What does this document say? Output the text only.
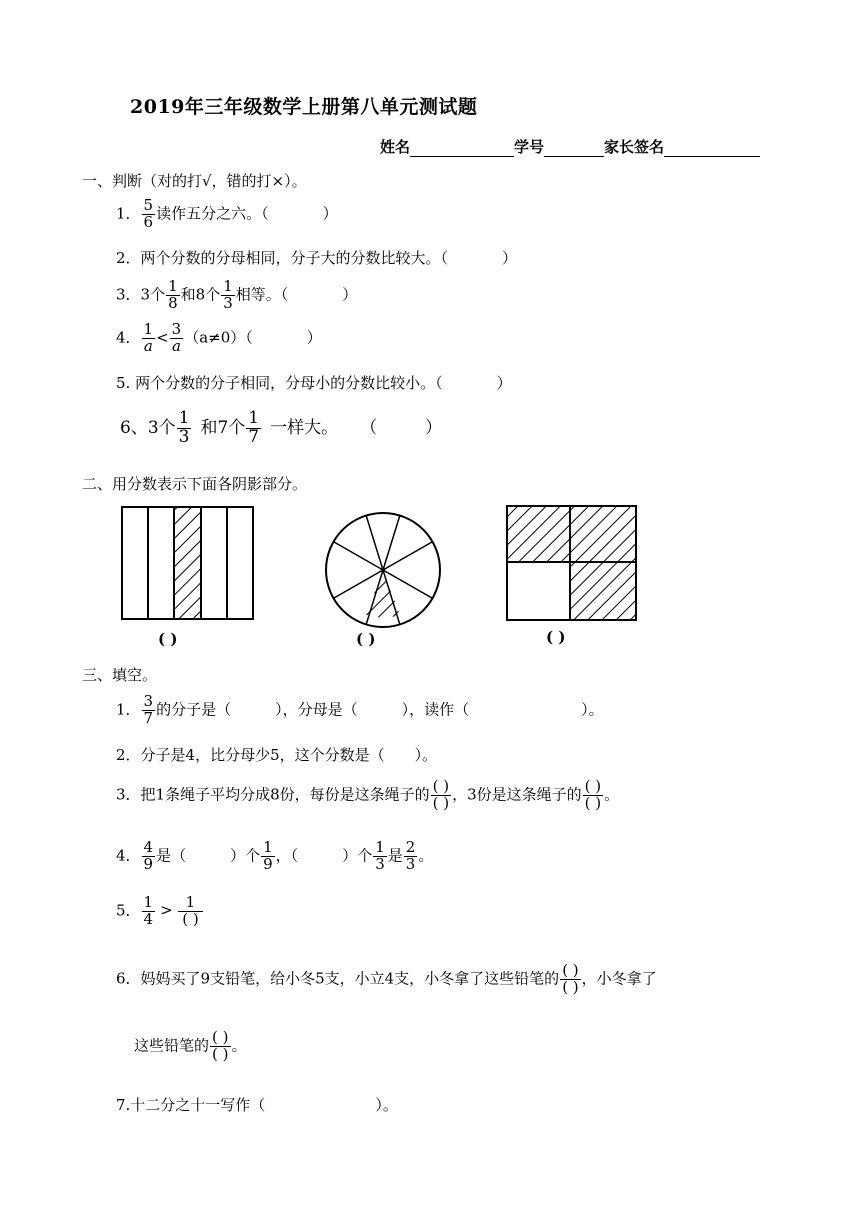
2019年三年级数学上册第八单元测试题
姓名	学号	家长签名
一、判断（对的打√，错的打×）。
1． $\frac{5}{6}$ 读作五分之六。（	）
2．两个分数的分母相同，分子大的分数比较大。（	）
3．3个 $\frac{1}{8}$ 和8个 $\frac{1}{3}$ 相等。（	）
4． $\frac{1}{a} < \frac{3}{a} (a\ne 0)$（	）
5. 两个分数的分子相同，分母小的分数比较小。（	）
6、3个 $\frac{1}{3}$ 和7个 $\frac{1}{7}$ 一样大。 （	）
二、用分数表示下面各阴影部分。
( )	( )	( )
三、填空。
1． $\frac{3}{7}$ 的分子是（	），分母是（	），读作（	）。
2．分子是4，比分母少5，这个分数是（　　）。
3．把1条绳子平均分成8份，每份是这条绳子的 $\frac{( )}{( )}$ ，3份是这条绳子的 $\frac{( )}{( )}$ 。
4． $\frac{4}{9}$ 是（	）个 $\frac{1}{9}$ ，（	）个 $\frac{1}{3}$ 是 $\frac{2}{3}$ 。
5． $\frac{1}{4} > \frac{1}{( )}$
6．妈妈买了9支铅笔，给小冬5支，小立4支，小冬拿了这些铅笔的 $\frac{( )}{( )}$ ，小冬拿了
这些铅笔的 $\frac{( )}{( )}$ 。
7.十二分之十一写作（	）。
